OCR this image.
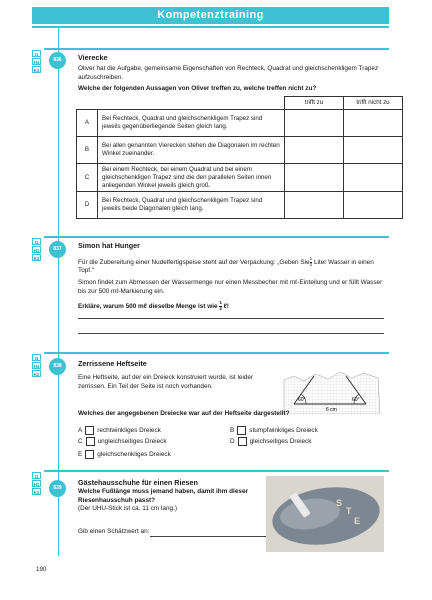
Kompetenztraining
I1
H4
K3
836	Vierecke

Oliver hat die Aufgabe, gemeinsame Eigenschaften von Rechteck, Quadrat und gleichschenkligem Trapez aufzuschreiben.

Welche der folgenden Aussagen von Oliver treffen zu, welche treffen nicht zu?

		trifft zu	trifft nicht zu
A	Bei Rechteck, Quadrat und gleichschenkligem Trapez sind jeweils gegenüberliegende Seiten gleich lang.		
B	Bei allen genannten Vierecken stehen die Diagonalen im rechten Winkel zueinander.		
C	Bei einem Rechteck, bei einem Quadrat und bei einem gleichschenkligen Trapez sind die den parallelen Seiten innen anliegenden Winkel jeweils gleich groß.		
D	Bei Rechteck, Quadrat und gleichschenkligem Trapez sind jeweils beide Diagonalen gleich lang.		
I1
H1
K2
837	Simon hat Hunger

Für die Zubereitung einer Nudelfertigspeise steht auf der Verpackung: „Geben Sie $\frac{1}{2}$ Liter Wasser in einen Topf.“

Simon findet zum Abmessen der Wassermenge nur einen Messbecher mit mℓ-Einteilung und er füllt Wasser bis zur 500 mℓ-Markierung ein.

Erkläre, warum 500 mℓ dieselbe Menge ist wie $\frac{1}{2}$ ℓ!

I3
H4
K2
838	Zerrissene Heftseite

Eine Heftseite, auf der ein Dreieck konstruiert wurde, ist leider zerrissen. Ein Teil der Seite ist noch vorhanden.

60°	60°
6 cm

Welches der angegebenen Dreiecke war auf der Heftseite dargestellt?

A rechtwinkliges Dreieck	B stumpfwinkliges Dreieck
C ungleichseitiges Dreieck	D gleichseitiges Dreieck
E gleichschenkliges Dreieck
I1
H1
K2
839
Gästehausschuhe für einen Riesen

Welche Fußlänge muss jemand haben, damit ihm dieser Riesenhausschuh passt?

(Der UHU-Stick ist ca. 11 cm lang.)

Gib einen Schätzwert an:
S
T
E
190
